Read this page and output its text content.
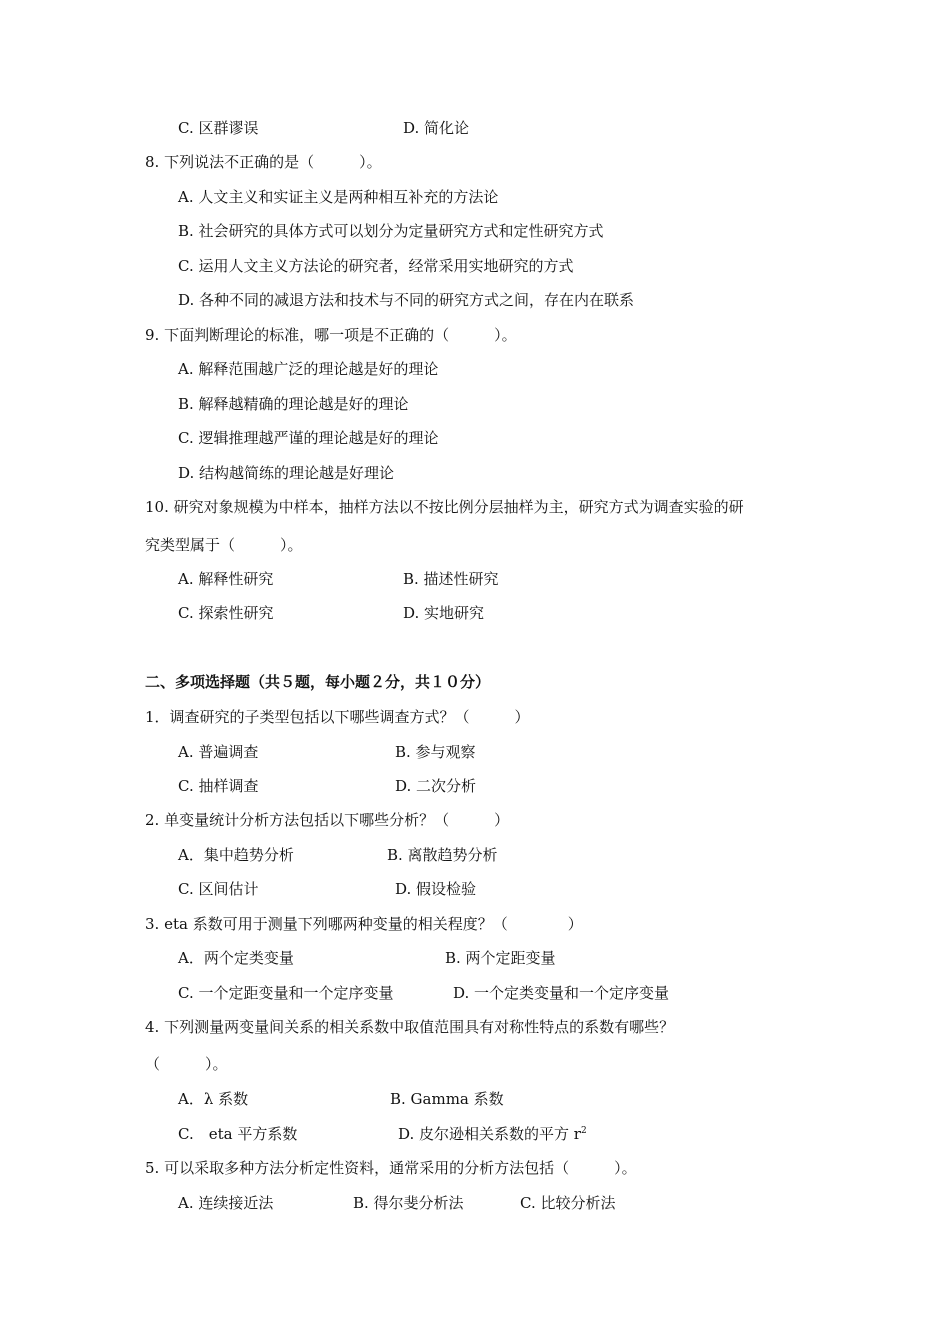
C. 区群谬误	D. 简化论
8. 下列说法不正确的是（　　　）。
A. 人文主义和实证主义是两种相互补充的方法论
B. 社会研究的具体方式可以划分为定量研究方式和定性研究方式
C. 运用人文主义方法论的研究者，经常采用实地研究的方式
D. 各种不同的减退方法和技术与不同的研究方式之间，存在内在联系
9. 下面判断理论的标准，哪一项是不正确的（　　　）。
A. 解释范围越广泛的理论越是好的理论
B. 解释越精确的理论越是好的理论
C. 逻辑推理越严谨的理论越是好的理论
D. 结构越简练的理论越是好理论
10. 研究对象规模为中样本，抽样方法以不按比例分层抽样为主，研究方式为调查实验的研
究类型属于（　　　）。
A. 解释性研究	B. 描述性研究
C. 探索性研究	D. 实地研究
二、多项选择题（共５题，每小题２分，共１０分）
1．调查研究的子类型包括以下哪些调查方式？（　　　）
A. 普遍调查	B. 参与观察
C. 抽样调查	D. 二次分析
2. 单变量统计分析方法包括以下哪些分析？（　　　）
A．集中趋势分析	B. 离散趋势分析
C. 区间估计	D. 假设检验
3. eta 系数可用于测量下列哪两种变量的相关程度？（　　　　）
A．两个定类变量	B. 两个定距变量
C. 一个定距变量和一个定序变量	D. 一个定类变量和一个定序变量
4. 下列测量两变量间关系的相关系数中取值范围具有对称性特点的系数有哪些？
（　　　）。
A．λ 系数	B. Gamma 系数
C.　eta 平方系数	D. 皮尔逊相关系数的平方 $r^2$
5. 可以采取多种方法分析定性资料，通常采用的分析方法包括（　　　）。
A. 连续接近法	B. 得尔斐分析法	C. 比较分析法
